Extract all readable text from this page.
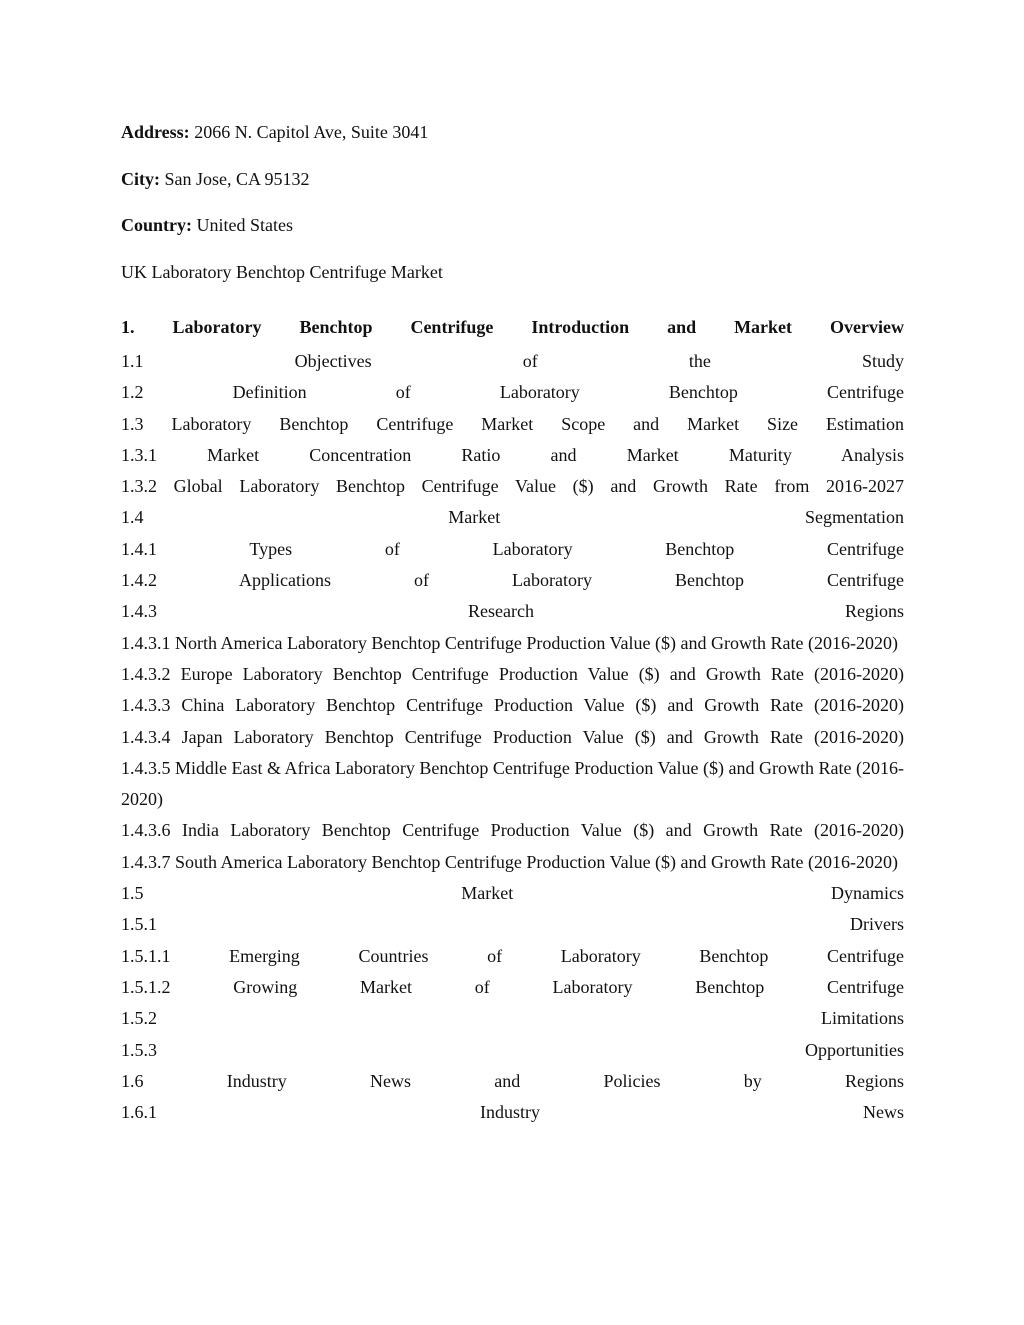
Address: 2066 N. Capitol Ave, Suite 3041
City: San Jose, CA 95132
Country: United States
UK Laboratory Benchtop Centrifuge Market
1. Laboratory Benchtop Centrifuge Introduction and Market Overview
1.1 Objectives of the Study
1.2 Definition of Laboratory Benchtop Centrifuge
1.3 Laboratory Benchtop Centrifuge Market Scope and Market Size Estimation
1.3.1 Market Concentration Ratio and Market Maturity Analysis
1.3.2 Global Laboratory Benchtop Centrifuge Value ($) and Growth Rate from 2016-2027
1.4 Market Segmentation
1.4.1 Types of Laboratory Benchtop Centrifuge
1.4.2 Applications of Laboratory Benchtop Centrifuge
1.4.3 Research Regions
1.4.3.1 North America Laboratory Benchtop Centrifuge Production Value ($) and Growth Rate (2016-2020)
1.4.3.2 Europe Laboratory Benchtop Centrifuge Production Value ($) and Growth Rate (2016-2020)
1.4.3.3 China Laboratory Benchtop Centrifuge Production Value ($) and Growth Rate (2016-2020)
1.4.3.4 Japan Laboratory Benchtop Centrifuge Production Value ($) and Growth Rate (2016-2020)
1.4.3.5 Middle East & Africa Laboratory Benchtop Centrifuge Production Value ($) and Growth Rate (2016-2020)
1.4.3.6 India Laboratory Benchtop Centrifuge Production Value ($) and Growth Rate (2016-2020)
1.4.3.7 South America Laboratory Benchtop Centrifuge Production Value ($) and Growth Rate (2016-2020)
1.5 Market Dynamics
1.5.1 Drivers
1.5.1.1 Emerging Countries of Laboratory Benchtop Centrifuge
1.5.1.2 Growing Market of Laboratory Benchtop Centrifuge
1.5.2 Limitations
1.5.3 Opportunities
1.6 Industry News and Policies by Regions
1.6.1 Industry News
